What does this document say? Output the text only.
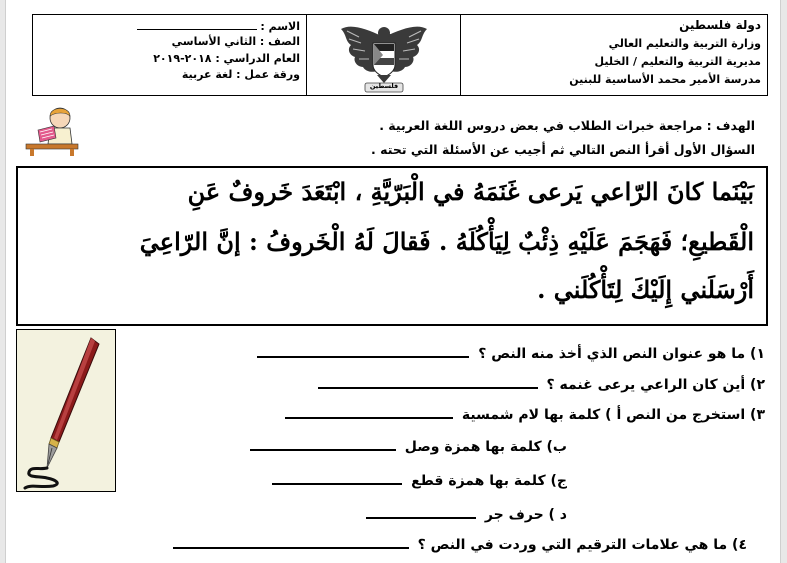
الاسم :
الصف : الثاني الأساسي
العام الدراسي : ٢٠١٨-٢٠١٩
ورقة عمل : لغة عربية
فلسطين
دولة فلسطين
وزارة التربية والتعليم العالي
مديرية التربية والتعليم / الخليل
مدرسة الأمير محمد الأساسية للبنين
الهدف : مراجعة خبرات الطلاب في بعض دروس اللغة العربية .
السؤال الأول أقرأ النص التالي ثم أجيب عن الأسئلة التي تحته .
بَيْنَما كانَ الرّاعي يَرعى غَنَمَهُ في الْبَرّيَّةِ ، ابْتَعَدَ خَروفٌ عَنِ
الْقَطيعِ؛ فَهَجَمَ عَلَيْهِ ذِئْبٌ لِيَأْكُلَهُ . فَقالَ لَهُ الْخَروفُ : إنَّ الرّاعِيَ
أَرْسَلَني إِلَيْكَ لِتَأْكُلَني .
١) ما هو عنوان النص الذي أخذ منه النص ؟
٢) أين كان الراعي يرعى غنمه ؟
٣) استخرج من النص أ ) كلمة بها لام شمسية
ب) كلمة بها همزة وصل
ج) كلمة بها همزة قطع
د ) حرف جر
٤) ما هي علامات الترقيم التي وردت في النص ؟
